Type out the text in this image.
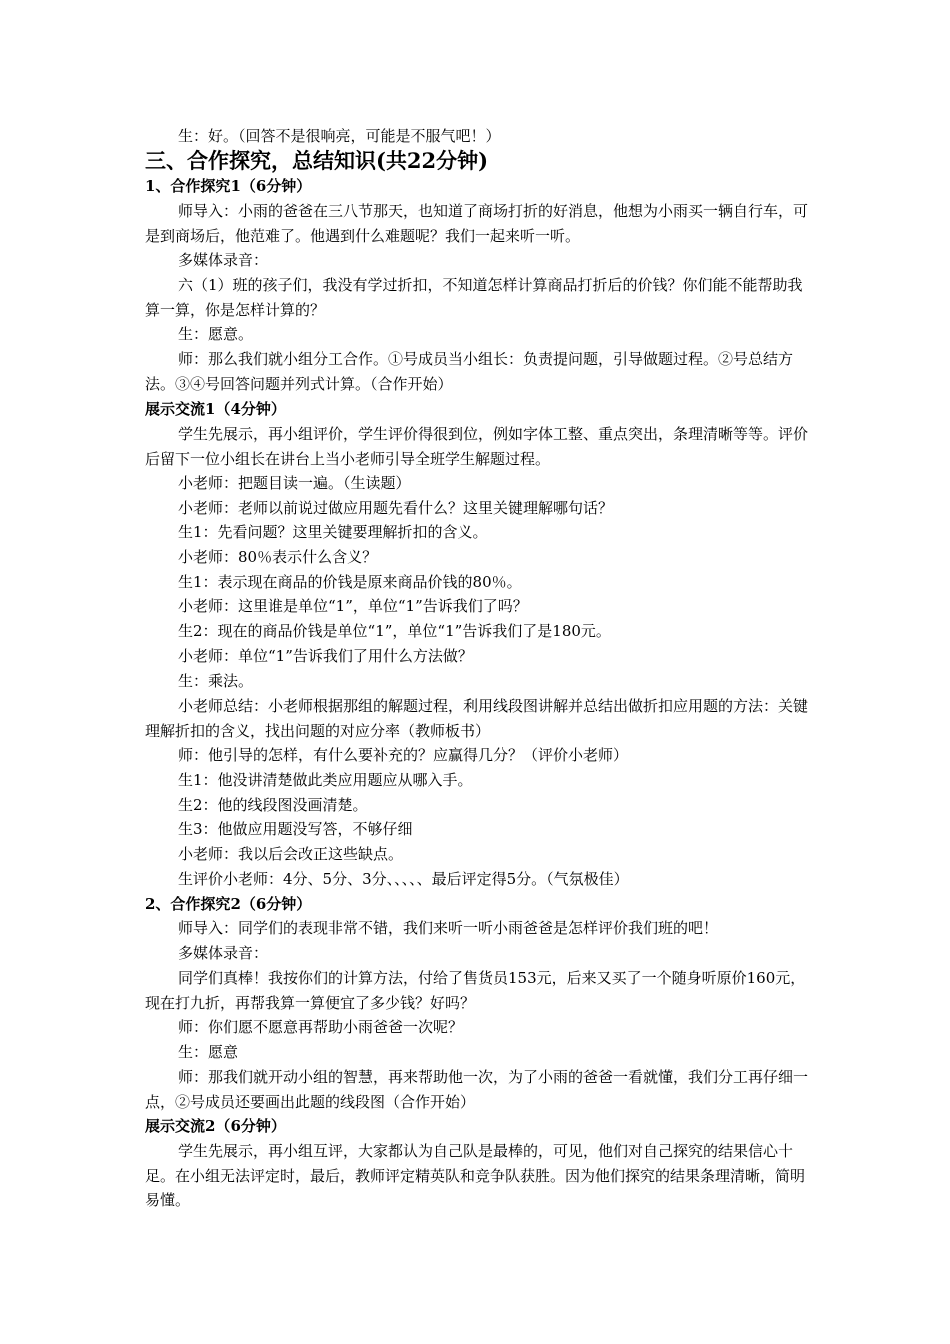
生：好。（回答不是很响亮，可能是不服气吧！）
三、合作探究，总结知识(共22分钟)
1、合作探究1（6分钟）
师导入：小雨的爸爸在三八节那天，也知道了商场打折的好消息，他想为小雨买一辆自行车，可是到商场后，他范难了。他遇到什么难题呢？我们一起来听一听。
多媒体录音：
六（1）班的孩子们，我没有学过折扣，不知道怎样计算商品打折后的价钱？你们能不能帮助我算一算，你是怎样计算的？
生：愿意。
师：那么我们就小组分工合作。①号成员当小组长：负责提问题，引导做题过程。②号总结方法。③④号回答问题并列式计算。（合作开始）
展示交流1（4分钟）
学生先展示，再小组评价，学生评价得很到位，例如字体工整、重点突出，条理清晰等等。评价后留下一位小组长在讲台上当小老师引导全班学生解题过程。
小老师：把题目读一遍。（生读题）
小老师：老师以前说过做应用题先看什么？这里关键理解哪句话？
生1：先看问题？这里关键要理解折扣的含义。
小老师：80％表示什么含义？
生1：表示现在商品的价钱是原来商品价钱的80％。
小老师：这里谁是单位“1”，单位“1”告诉我们了吗？
生2：现在的商品价钱是单位“1”，单位“1”告诉我们了是180元。
小老师：单位“1”告诉我们了用什么方法做？
生：乘法。
小老师总结：小老师根据那组的解题过程，利用线段图讲解并总结出做折扣应用题的方法：关键理解折扣的含义，找出问题的对应分率（教师板书）
师：他引导的怎样，有什么要补充的？应赢得几分？（评价小老师）
生1：他没讲清楚做此类应用题应从哪入手。
生2：他的线段图没画清楚。
生3：他做应用题没写答，不够仔细
小老师：我以后会改正这些缺点。
生评价小老师：4分、5分、3分、、、、、最后评定得5分。（气氛极佳）
2、合作探究2（6分钟）
师导入：同学们的表现非常不错，我们来听一听小雨爸爸是怎样评价我们班的吧！
多媒体录音：
同学们真棒！我按你们的计算方法，付给了售货员153元，后来又买了一个随身听原价160元，现在打九折，再帮我算一算便宜了多少钱？好吗？
师：你们愿不愿意再帮助小雨爸爸一次呢？
生：愿意
师：那我们就开动小组的智慧，再来帮助他一次，为了小雨的爸爸一看就懂，我们分工再仔细一点，②号成员还要画出此题的线段图（合作开始）
展示交流2（6分钟）
学生先展示，再小组互评，大家都认为自己队是最棒的，可见，他们对自己探究的结果信心十足。在小组无法评定时，最后，教师评定精英队和竞争队获胜。因为他们探究的结果条理清晰，简明易懂。
